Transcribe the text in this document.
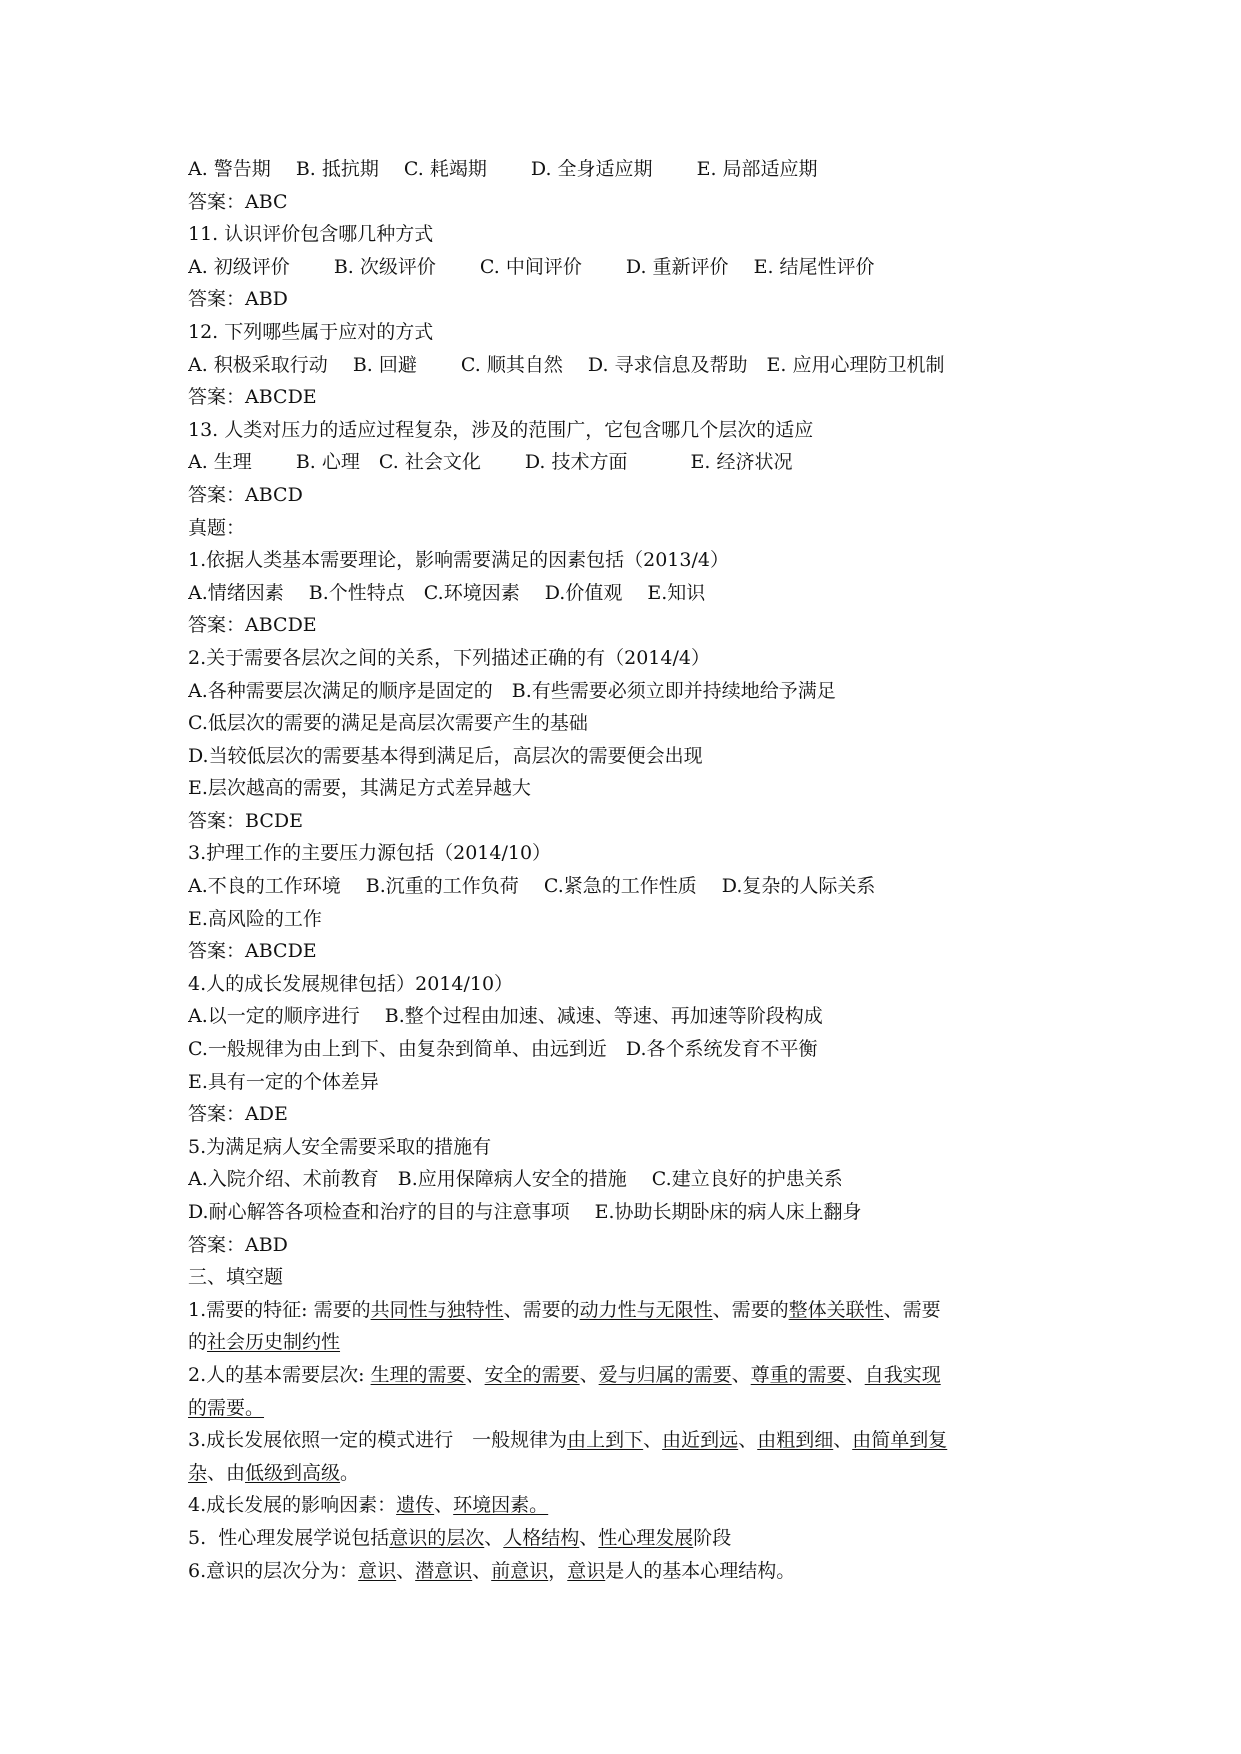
A. 警告期　 B. 抵抗期　 C. 耗竭期　　 D. 全身适应期　　 E. 局部适应期
答案：ABC
11. 认识评价包含哪几种方式
A. 初级评价　　 B. 次级评价　　 C. 中间评价　　 D. 重新评价　 E. 结尾性评价
答案：ABD
12. 下列哪些属于应对的方式
A. 积极采取行动　 B. 回避　　 C. 顺其自然　 D. 寻求信息及帮助　E. 应用心理防卫机制
答案：ABCDE
13. 人类对压力的适应过程复杂，涉及的范围广，它包含哪几个层次的适应
A. 生理　　 B. 心理　C. 社会文化　　 D. 技术方面　　　 E. 经济状况
答案：ABCD
真题：
1.依据人类基本需要理论，影响需要满足的因素包括（2013/4）
A.情绪因素　 B.个性特点　C.环境因素　 D.价值观　 E.知识
答案：ABCDE
2.关于需要各层次之间的关系，下列描述正确的有（2014/4）
A.各种需要层次满足的顺序是固定的　B.有些需要必须立即并持续地给予满足
C.低层次的需要的满足是高层次需要产生的基础
D.当较低层次的需要基本得到满足后，高层次的需要便会出现
E.层次越高的需要，其满足方式差异越大
答案：BCDE
3.护理工作的主要压力源包括（2014/10）
A.不良的工作环境　 B.沉重的工作负荷　 C.紧急的工作性质　 D.复杂的人际关系
E.高风险的工作
答案：ABCDE
4.人的成长发展规律包括）2014/10）
A.以一定的顺序进行　 B.整个过程由加速、减速、等速、再加速等阶段构成
C.一般规律为由上到下、由复杂到简单、由远到近　D.各个系统发育不平衡
E.具有一定的个体差异
答案：ADE
5.为满足病人安全需要采取的措施有
A.入院介绍、术前教育　B.应用保障病人安全的措施　 C.建立良好的护患关系
D.耐心解答各项检查和治疗的目的与注意事项　 E.协助长期卧床的病人床上翻身
答案：ABD
三、填空题
1.需要的特征: 需要的共同性与独特性、需要的动力性与无限性、需要的整体关联性、需要
的社会历史制约性
2.人的基本需要层次: 生理的需要、安全的需要、爱与归属的需要、尊重的需要、自我实现
的需要。
3.成长发展依照一定的模式进行　一般规律为由上到下、由近到远、由粗到细、由简单到复
杂、由低级到高级。
4.成长发展的影响因素：遗传、环境因素。
5.  性心理发展学说包括意识的层次、人格结构、性心理发展阶段
6.意识的层次分为：意识、潜意识、前意识，意识是人的基本心理结构。
